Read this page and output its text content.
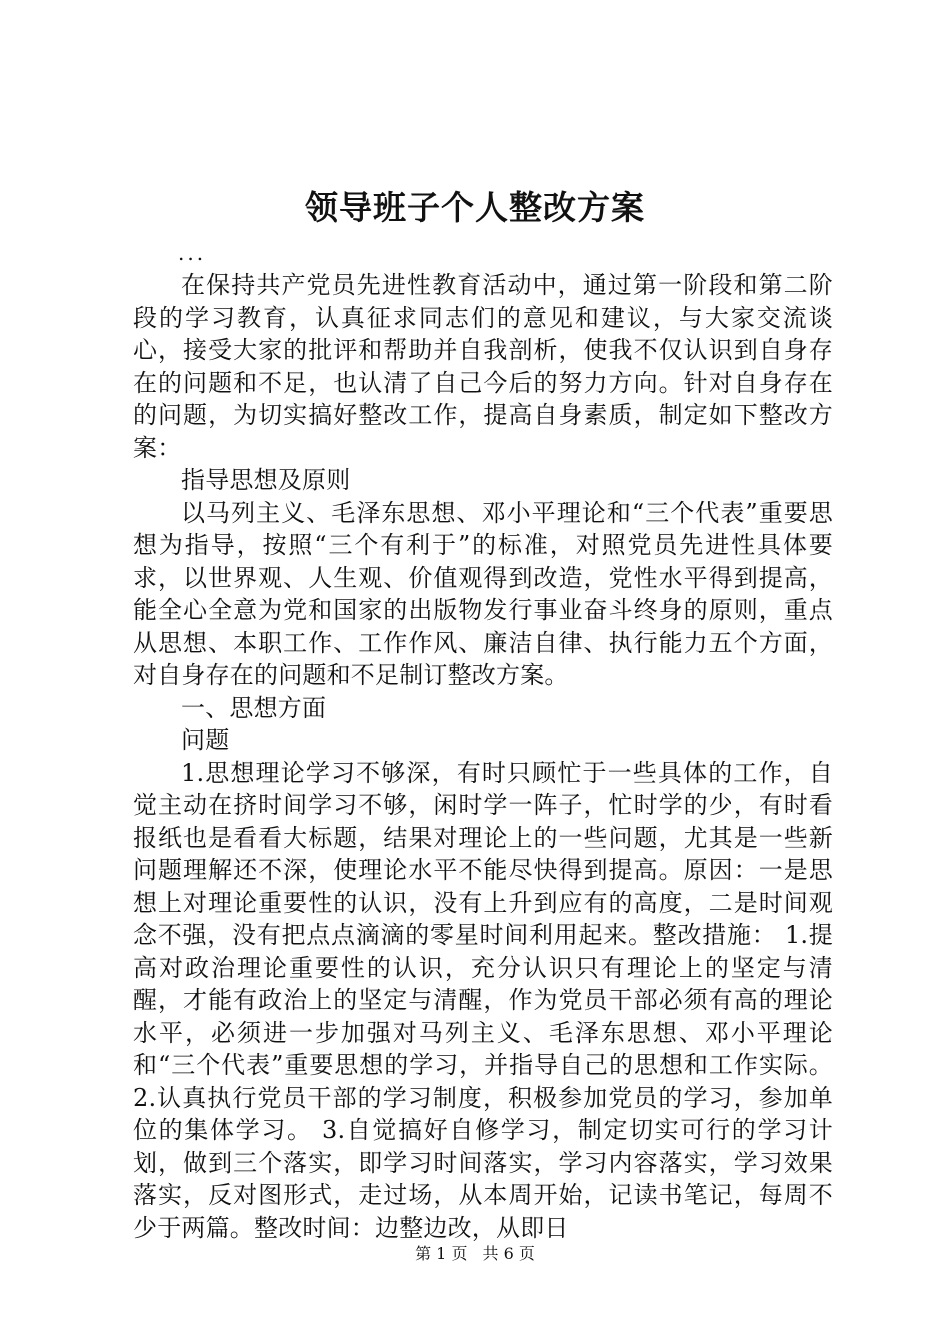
领导班子个人整改方案
...

在保持共产党员先进性教育活动中，通过第一阶段和第二阶段的学习教育，认真征求同志们的意见和建议，与大家交流谈心，接受大家的批评和帮助并自我剖析，使我不仅认识到自身存在的问题和不足，也认清了自己今后的努力方向。针对自身存在的问题，为切实搞好整改工作，提高自身素质，制定如下整改方案：

指导思想及原则

以马列主义、毛泽东思想、邓小平理论和“三个代表”重要思想为指导，按照“三个有利于”的标准，对照党员先进性具体要求，以世界观、人生观、价值观得到改造，党性水平得到提高，能全心全意为党和国家的出版物发行事业奋斗终身的原则，重点从思想、本职工作、工作作风、廉洁自律、执行能力五个方面，对自身存在的问题和不足制订整改方案。

一、思想方面

问题

1.思想理论学习不够深，有时只顾忙于一些具体的工作，自觉主动在挤时间学习不够，闲时学一阵子，忙时学的少，有时看报纸也是看看大标题，结果对理论上的一些问题，尤其是一些新问题理解还不深，使理论水平不能尽快得到提高。原因：一是思想上对理论重要性的认识，没有上升到应有的高度，二是时间观念不强，没有把点点滴滴的零星时间利用起来。整改措施： 1.提高对政治理论重要性的认识，充分认识只有理论上的坚定与清醒，才能有政治上的坚定与清醒，作为党员干部必须有高的理论水平，必须进一步加强对马列主义、毛泽东思想、邓小平理论和“三个代表”重要思想的学习，并指导自己的思想和工作实际。 2.认真执行党员干部的学习制度，积极参加党员的学习，参加单位的集体学习。 3.自觉搞好自修学习，制定切实可行的学习计划，做到三个落实，即学习时间落实，学习内容落实，学习效果落实，反对图形式，走过场，从本周开始，记读书笔记，每周不少于两篇。整改时间：边整边改，从即日

第 1 页 共 6 页
